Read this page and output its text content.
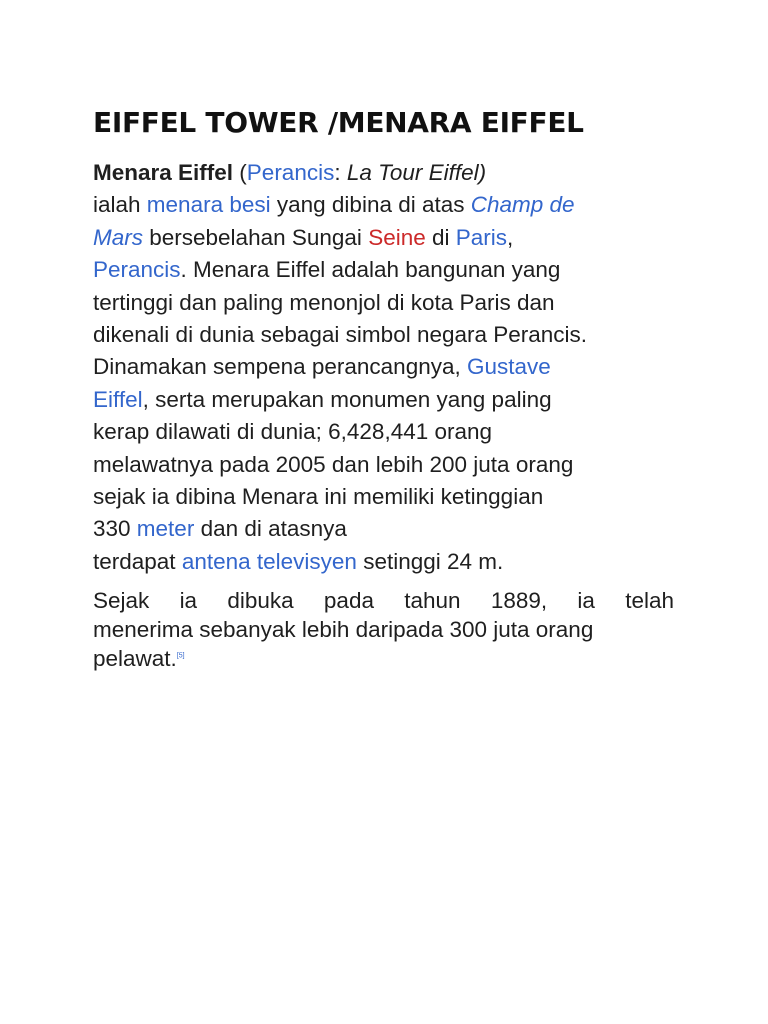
EIFFEL TOWER /MENARA EIFFEL
Menara Eiffel (Perancis: La Tour Eiffel)
ialah menara besi yang dibina di atas Champ de
Mars bersebelahan Sungai Seine di Paris,
Perancis. Menara Eiffel adalah bangunan yang
tertinggi dan paling menonjol di kota Paris dan
dikenali di dunia sebagai simbol negara Perancis.
Dinamakan sempena perancangnya, Gustave
Eiffel, serta merupakan monumen yang paling
kerap dilawati di dunia; 6,428,441 orang
melawatnya pada 2005 dan lebih 200 juta orang
sejak ia dibina Menara ini memiliki ketinggian
330 meter dan di atasnya
terdapat antena televisyen setinggi 24 m.
Sejak ia dibuka pada tahun 1889, ia telah
menerima sebanyak lebih daripada 300 juta orang
pelawat.[5]
